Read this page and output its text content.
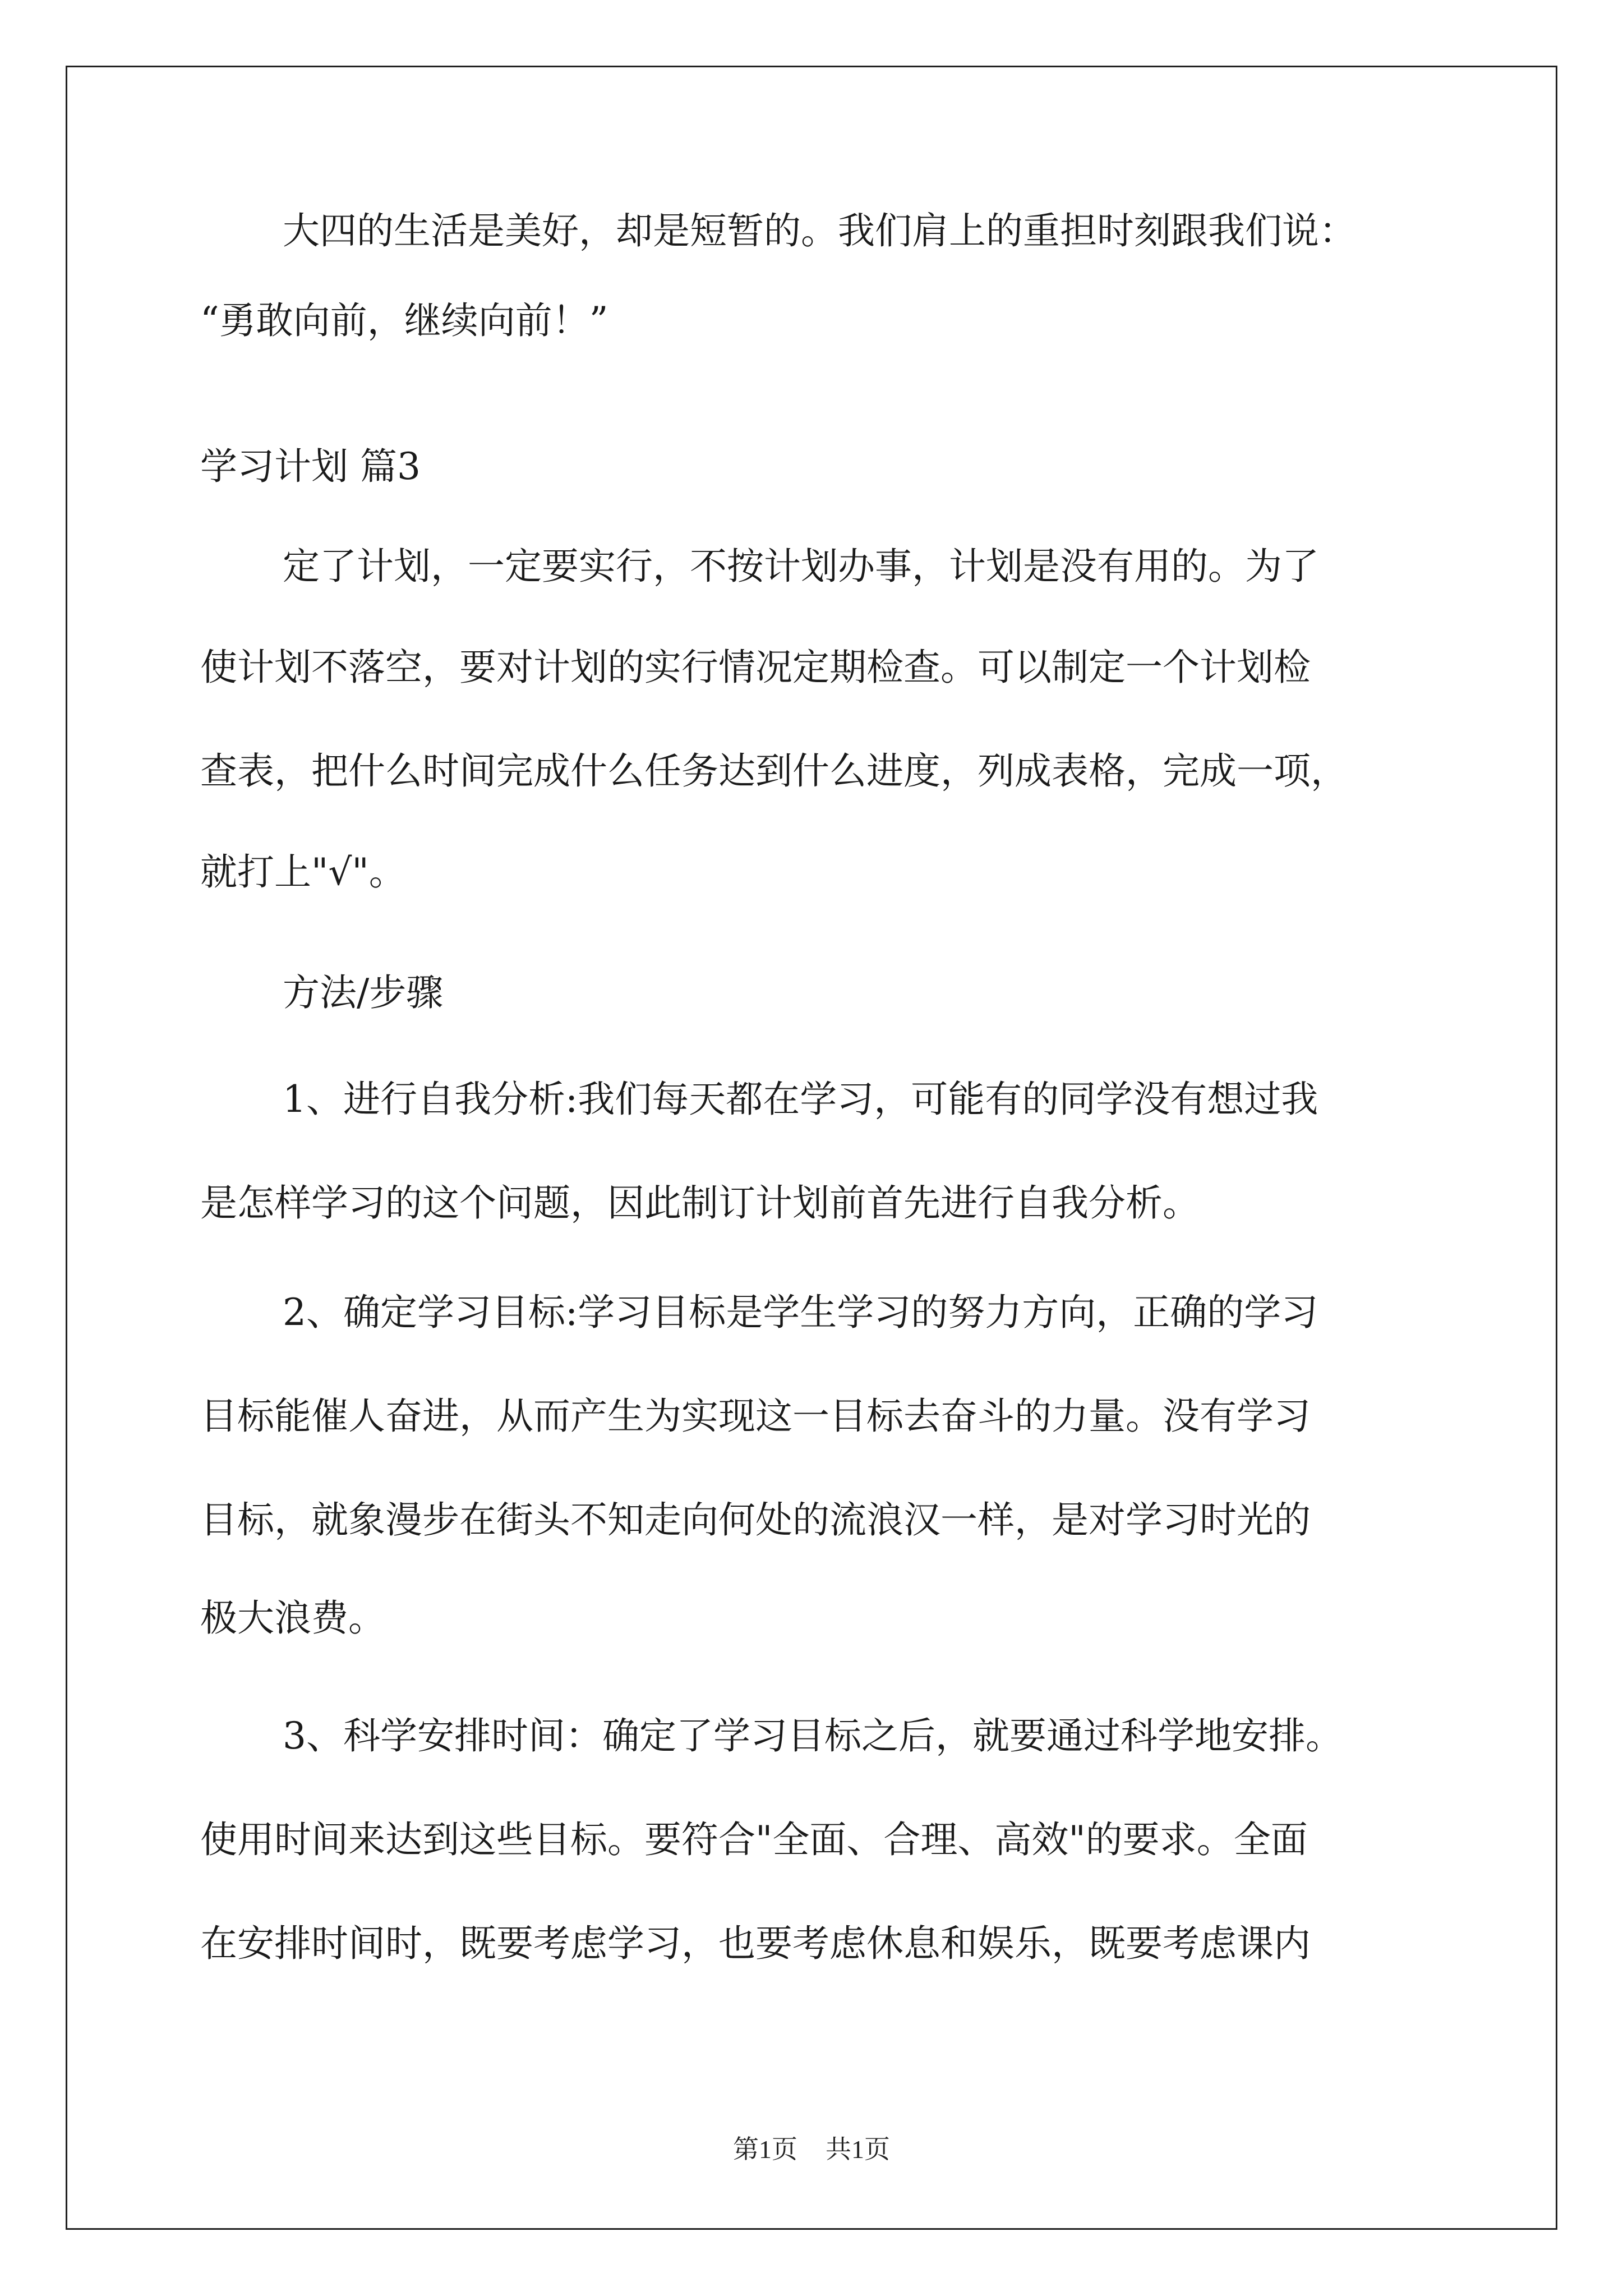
大四的生活是美好，却是短暂的。我们肩上的重担时刻跟我们说：
“勇敢向前，继续向前！”
学习计划 篇3
定了计划，一定要实行，不按计划办事，计划是没有用的。为了
使计划不落空，要对计划的实行情况定期检查。可以制定一个计划检
查表，把什么时间完成什么任务达到什么进度，列成表格，完成一项，
就打上"√"。
方法/步骤
1、进行自我分析:我们每天都在学习，可能有的同学没有想过我
是怎样学习的这个问题，因此制订计划前首先进行自我分析。
2、确定学习目标:学习目标是学生学习的努力方向，正确的学习
目标能催人奋进，从而产生为实现这一目标去奋斗的力量。没有学习
目标，就象漫步在街头不知走向何处的流浪汉一样，是对学习时光的
极大浪费。
3、科学安排时间：确定了学习目标之后，就要通过科学地安排。
使用时间来达到这些目标。要符合"全面、合理、高效"的要求。全面
在安排时间时，既要考虑学习，也要考虑休息和娱乐，既要考虑课内
第1页 共1页
